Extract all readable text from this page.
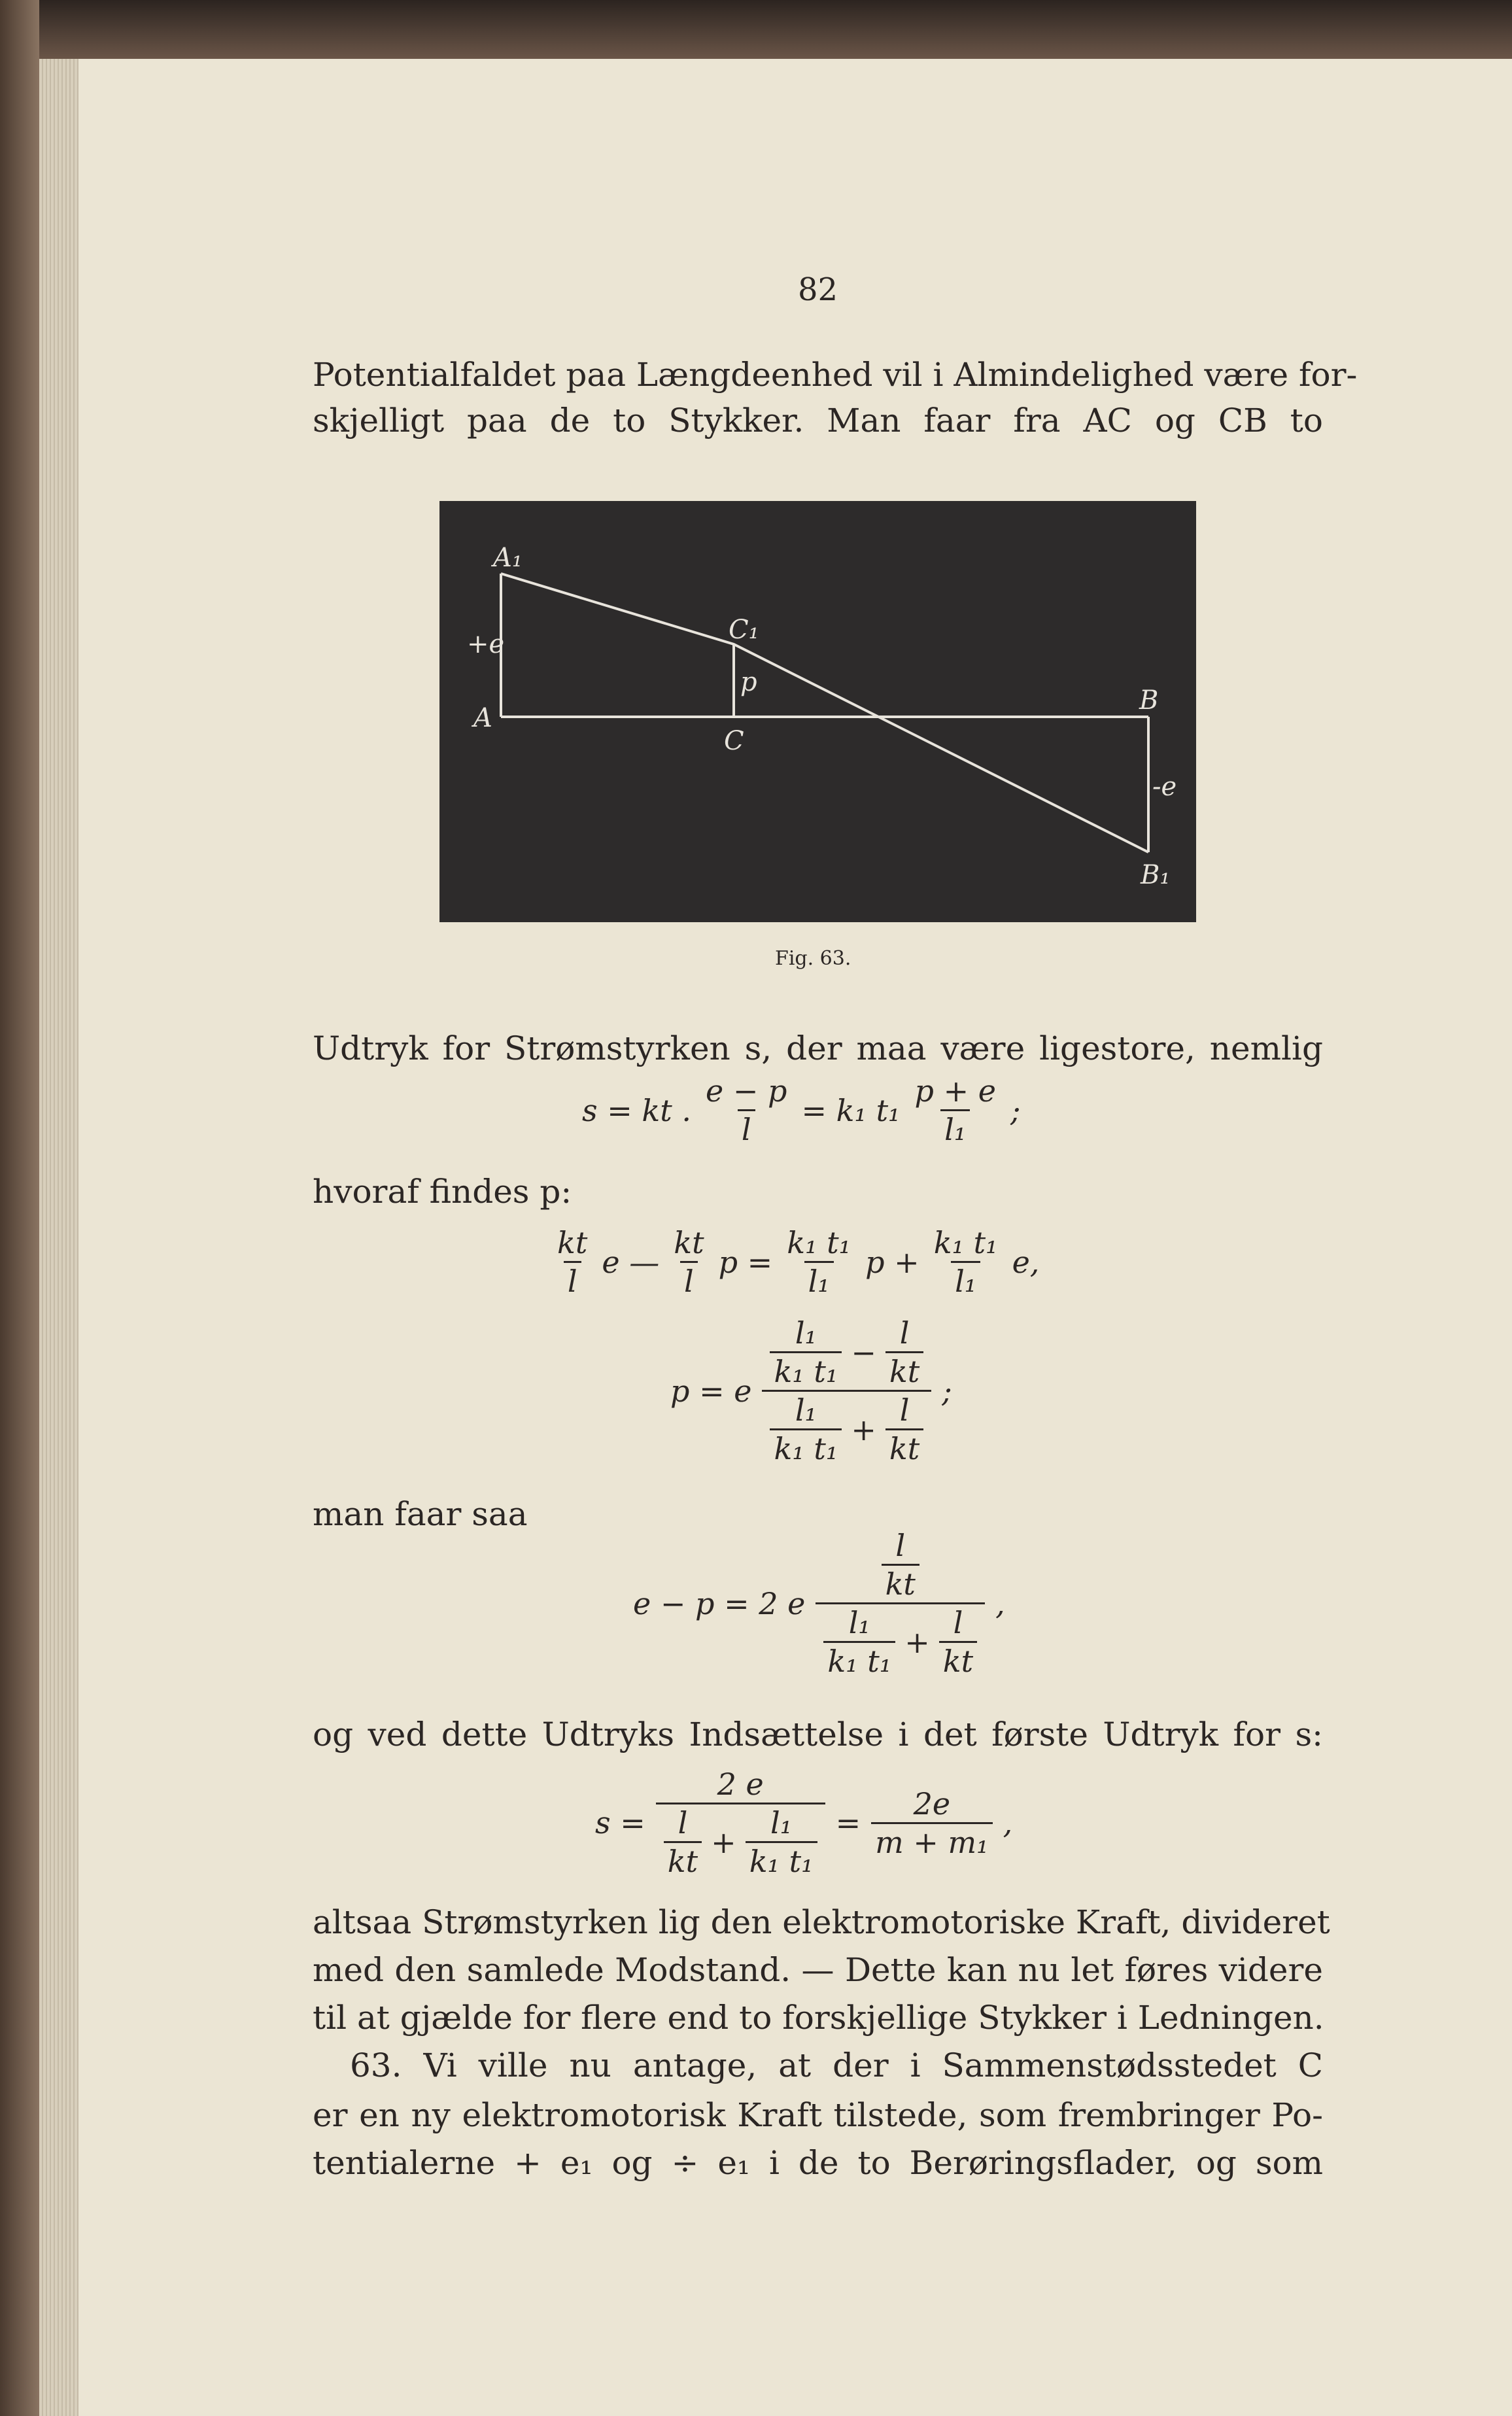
82
Potentialfaldet paa Længdeenhed vil i Almindelighed være for-
skjelligt paa de to Stykker. Man faar fra AC og CB to
A₁
A
+e	C₁
p
C
B
-e
B₁
Fig. 63.
Udtryk for Strømstyrken s, der maa være ligestore, nemlig
s = kt . $\frac{e - p}{l} = k_1$ $t_1 \frac{p + e}{\text{l₁}}$ ;
hvoraf findes p:
$\frac{kt}{l}$ e — $\frac{kt}{l}$ $p = \frac{\text{k₁ t₁}}{\text{l₁}}$ $p + \frac{\text{k₁ t₁}}{\text{l₁}} e$,
p = e $\frac{\frac{\text{l₁}}{\text{k₁ t₁}} - \frac{l}{kt}}{\frac{\text{l₁}}{\text{k₁ t₁}} + \frac{l}{kt}}$ ;
man faar saa
e − p = 2 e $\frac{\frac{l}{kt}}{\frac{\text{l₁}}{\text{k₁ t₁}} + \frac{l}{kt}}$ ,
og ved dette Udtryks Indsættelse i det første Udtryk for s:
$s = \frac{2 e}{\frac{l}{kt} + \frac{\text{l₁}}{\text{k₁ t₁}}} = \frac{2e}{\text{m + m₁}}$ ,
altsaa Strømstyrken lig den elektromotoriske Kraft, divideret
med den samlede Modstand. — Dette kan nu let føres videre
til at gjælde for flere end to forskjellige Stykker i Ledningen.
63. Vi ville nu antage, at der i Sammenstødsstedet C
er en ny elektromotorisk Kraft tilstede, som frembringer Po-
tentialerne + e₁ og ÷ e₁ i de to Berøringsflader, og som
